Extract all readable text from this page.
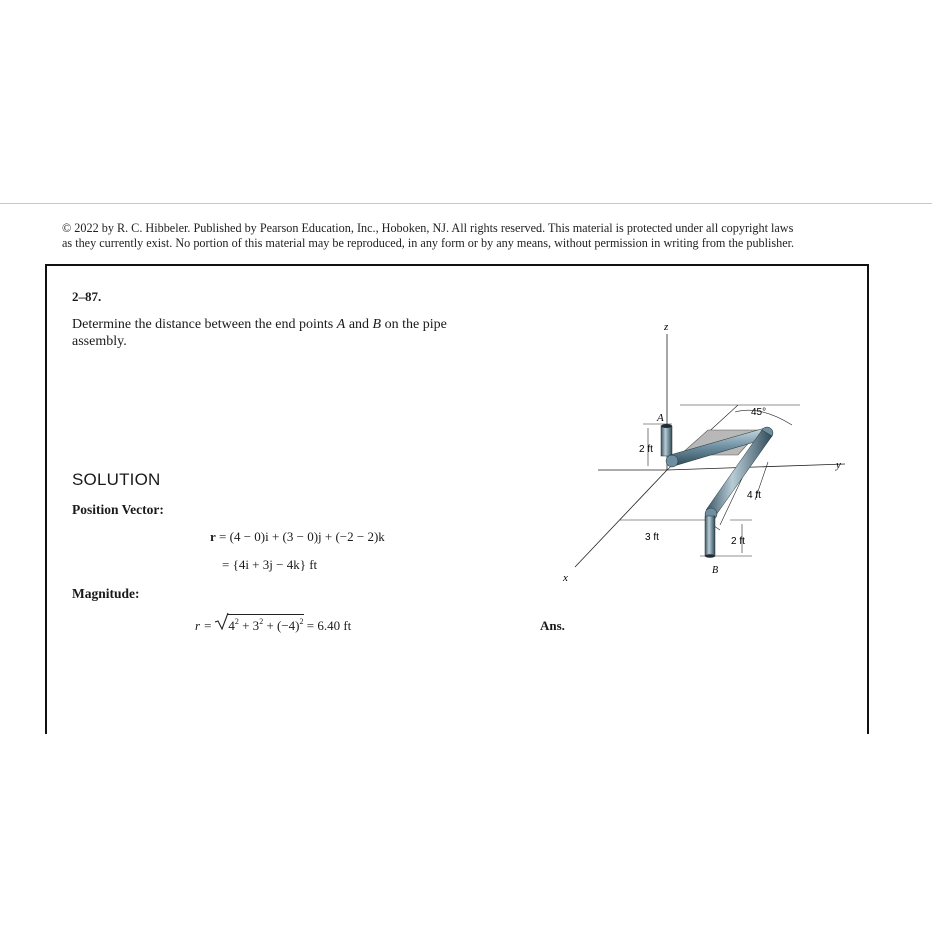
© 2022 by R. C. Hibbeler. Published by Pearson Education, Inc., Hoboken, NJ. All rights reserved. This material is protected under all copyright laws
as they currently exist. No portion of this material may be reproduced, in any form or by any means, without permission in writing from the publisher.
2–87.
Determine the distance between the end points A and B on the pipe assembly.
SOLUTION
Position Vector:
r = (4 − 0)i + (3 − 0)j + (−2 − 2)k
= {4i + 3j − 4k} ft
Magnitude:
$r = 4^2 + 3^2 + (-4)^2 = 6.40$ ft	Ans.
z
y
x
A
B
2 ft
3 ft
4 ft
2 ft
45°
